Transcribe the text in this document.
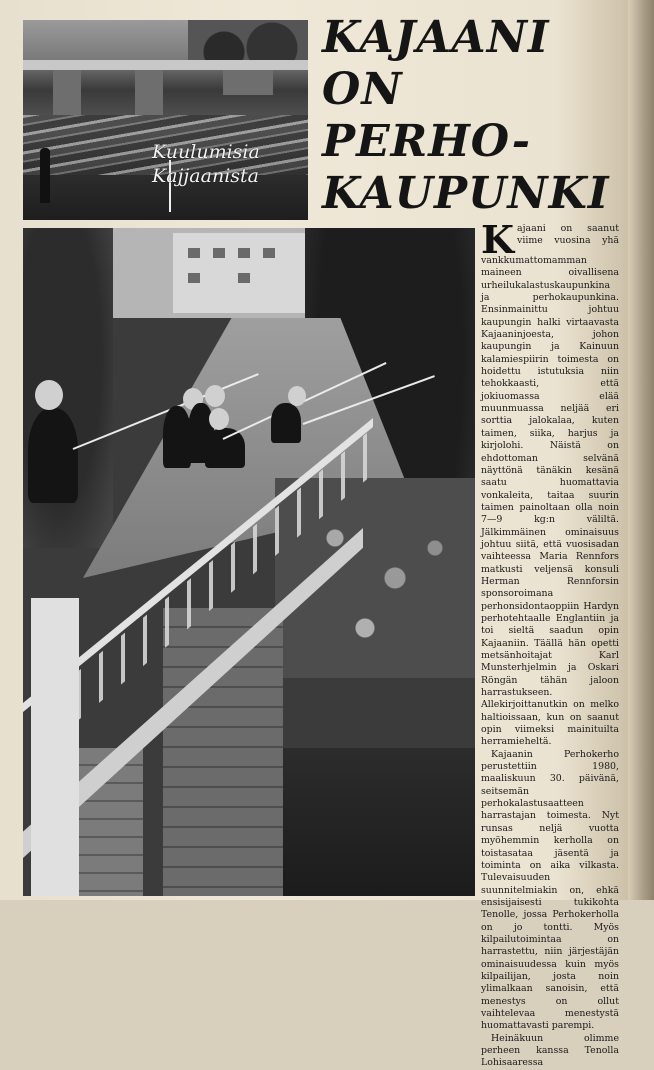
Kuulumisia
Kajjaanista
KAJAANI
ON
PERHO-
KAUPUNKI

Kajaani on saanut viime vuosina yhä vankkumattomamman maineen oivallisena urheilukalastuskaupunkina ja perhokaupunkina. Ensinmainittu johtuu kaupungin halki virtaavasta Kajaaninjoesta, johon kaupungin ja Kainuun kalamiespiirin toimesta on hoidettu istutuksia niin tehokkaasti, että jokiuomassa elää muunmuassa neljää eri sorttia jalokalaa, kuten taimen, siika, harjus ja kirjolohi. Näistä on ehdottoman selvänä näyttönä tänäkin kesänä saatu huomattavia vonkaleita, taitaa suurin taimen painoltaan olla noin 7—9 kg:n väliltä. Jälkimmäinen ominaisuus johtuu siitä, että vuosisadan vaihteessa Maria Rennfors matkusti veljensä konsuli Herman Rennforsin sponsoroimana perhonsidontaoppiin Hardyn perhotehtaalle Englantiin ja toi sieltä saadun opin Kajaaniin. Täällä hän opetti metsänhoitajat Karl Munsterhjelmin ja Oskari Röngän tähän jaloon harrastukseen. Allekirjoittanutkin on melko haltioissaan, kun on saanut opin viimeksi mainituilta herramieheltä.

Kajaanin Perhokerho perustettiin 1980, maaliskuun 30. päivänä, seitsemän perhokalastusaatteen harrastajan toimesta. Nyt runsas neljä vuotta myöhemmin kerholla on toistasataa jäsentä ja toiminta on aika vilkasta. Tulevaisuuden suunnitelmiakin on, ehkä ensisijaisesti tukikohta Tenolle, jossa Perhokerholla on jo tontti. Myös kilpailutoimintaa on harrastettu, niin järjestäjän ominaisuudessa kuin myös kilpailijan, josta noin ylimalkaan sanoisin, että menestys on ollut vaihtelevaa menestystä huomattavasti parempi.

Heinäkuun olimme perheen kanssa Tenolla Lohisaaressa
